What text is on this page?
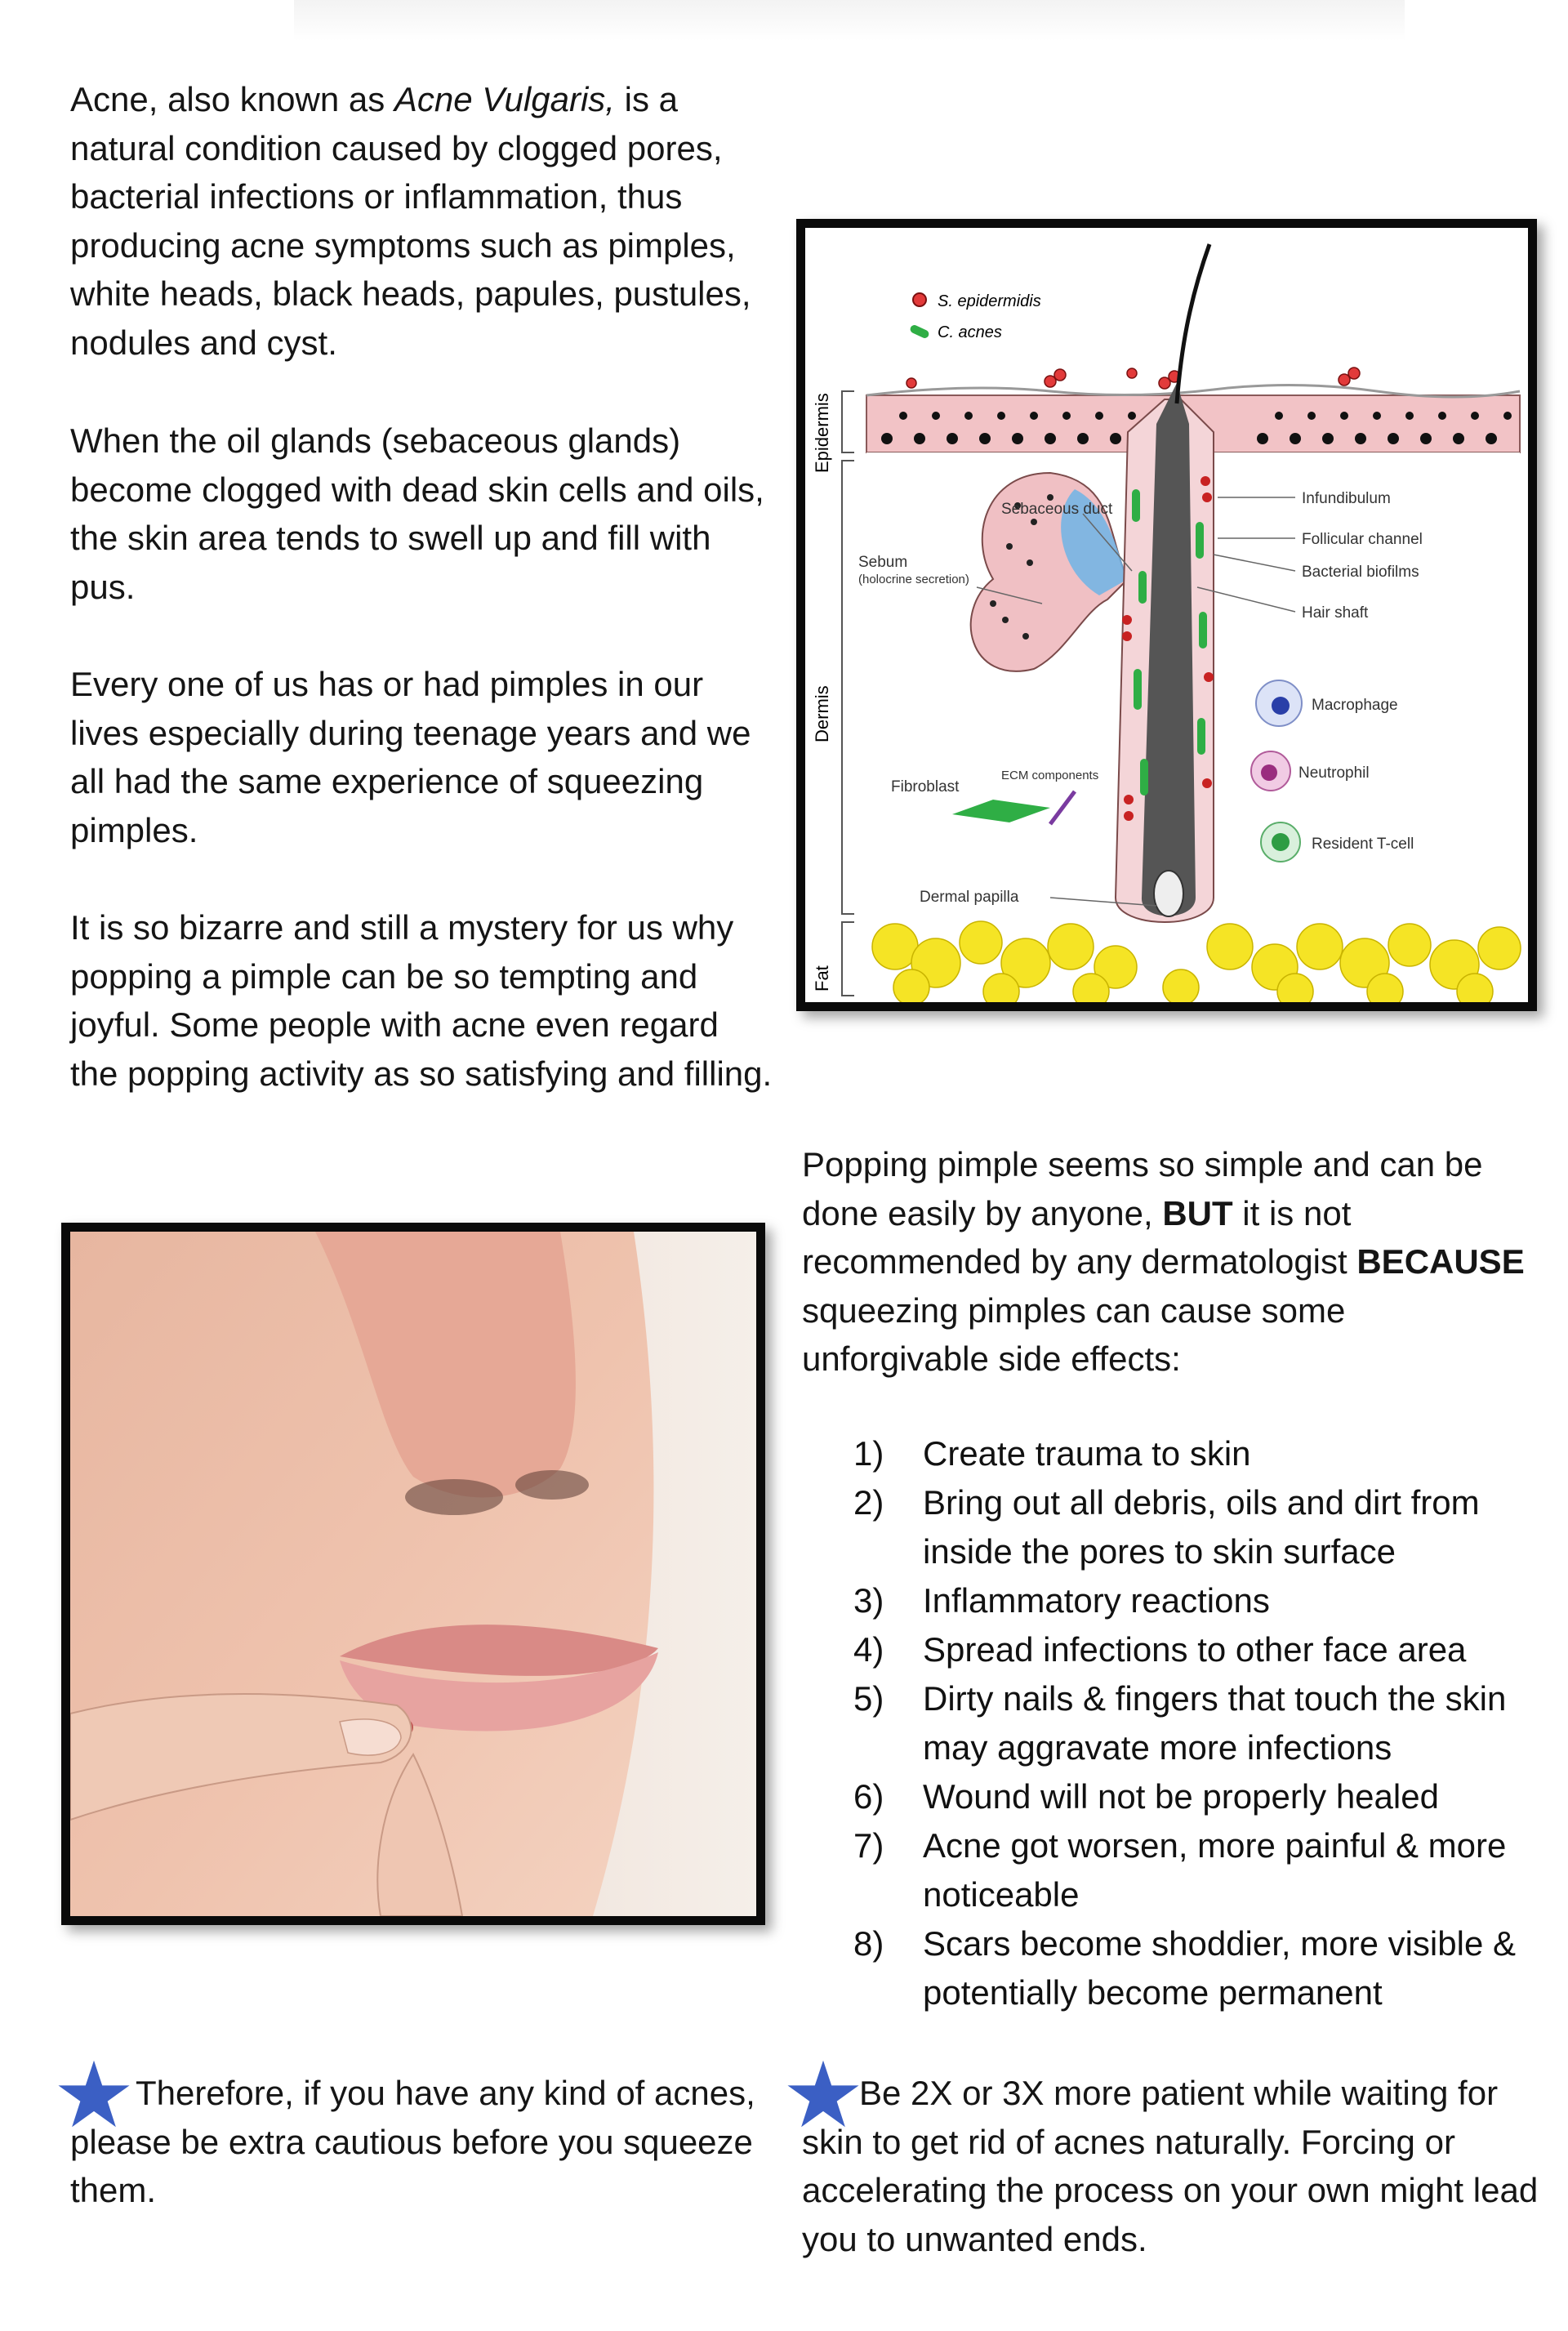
Acne, also known as Acne Vulgaris, is a natural condition caused by clogged pores, bacterial infections or inflammation, thus producing acne symptoms such as pimples, white heads, black heads, papules, pustules, nodules and cyst.

When the oil glands (sebaceous glands) become clogged with dead skin cells and oils, the skin area tends to swell up and fill with pus.

Every one of us has or had pimples in our lives especially during teenage years and we all had the same experience of squeezing pimples.

It is so bizarre and still a mystery for us why popping a pimple can be so tempting and joyful. Some people with acne even regard the popping activity as so satisfying and filling.

S. epidermidis
C. acnes
Epidermis
Dermis
Fat
Sebaceous duct
Sebum
(holocrine secretion)
Infundibulum
Follicular channel
Bacterial biofilms
Hair shaft
Macrophage
Neutrophil
Resident T-cell
Fibroblast
ECM components
Dermal papilla

Popping pimple seems so simple and can be done easily by anyone, BUT it is not recommended by any dermatologist BECAUSE squeezing pimples can cause some unforgivable side effects:

1) Create trauma to skin
2) Bring out all debris, oils and dirt from inside the pores to skin surface
3) Inflammatory reactions
4) Spread infections to other face area
5) Dirty nails & fingers that touch the skin may aggravate more infections
6) Wound will not be properly healed
7) Acne got worsen, more painful & more noticeable
8) Scars become shoddier, more visible & potentially become permanent

Therefore, if you have any kind of acnes, please be extra cautious before you squeeze them.

Be 2X or 3X more patient while waiting for skin to get rid of acnes naturally. Forcing or accelerating the process on your own might lead you to unwanted ends.
